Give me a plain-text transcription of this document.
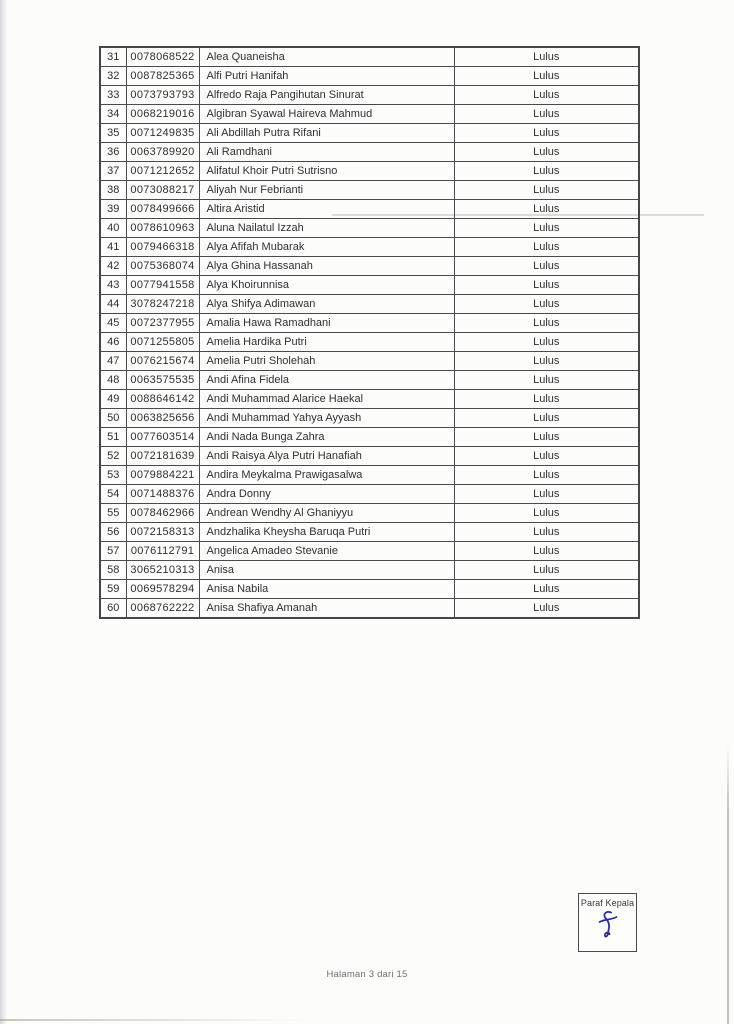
31	0078068522	Alea Quaneisha	Lulus
32	0087825365	Alfi Putri Hanifah	Lulus
33	0073793793	Alfredo Raja Pangihutan Sinurat	Lulus
34	0068219016	Algibran Syawal Haireva Mahmud	Lulus
35	0071249835	Ali Abdillah Putra Rifani	Lulus
36	0063789920	Ali Ramdhani	Lulus
37	0071212652	Alifatul Khoir Putri Sutrisno	Lulus
38	0073088217	Aliyah Nur Febrianti	Lulus
39	0078499666	Altira Aristid	Lulus
40	0078610963	Aluna Nailatul Izzah	Lulus
41	0079466318	Alya Afifah Mubarak	Lulus
42	0075368074	Alya Ghina Hassanah	Lulus
43	0077941558	Alya Khoirunnisa	Lulus
44	3078247218	Alya Shifya Adimawan	Lulus
45	0072377955	Amalia Hawa Ramadhani	Lulus
46	0071255805	Amelia Hardika Putri	Lulus
47	0076215674	Amelia Putri Sholehah	Lulus
48	0063575535	Andi Afina Fidela	Lulus
49	0088646142	Andi Muhammad Alarice Haekal	Lulus
50	0063825656	Andi Muhammad Yahya Ayyash	Lulus
51	0077603514	Andi Nada Bunga Zahra	Lulus
52	0072181639	Andi Raisya Alya Putri Hanafiah	Lulus
53	0079884221	Andira Meykalma Prawigasalwa	Lulus
54	0071488376	Andra Donny	Lulus
55	0078462966	Andrean Wendhy Al Ghaniyyu	Lulus
56	0072158313	Andzhalika Kheysha Baruqa Putri	Lulus
57	0076112791	Angelica Amadeo Stevanie	Lulus
58	3065210313	Anisa	Lulus
59	0069578294	Anisa Nabila	Lulus
60	0068762222	Anisa Shafiya Amanah	Lulus
Paraf Kepala
Halaman 3 dari 15
